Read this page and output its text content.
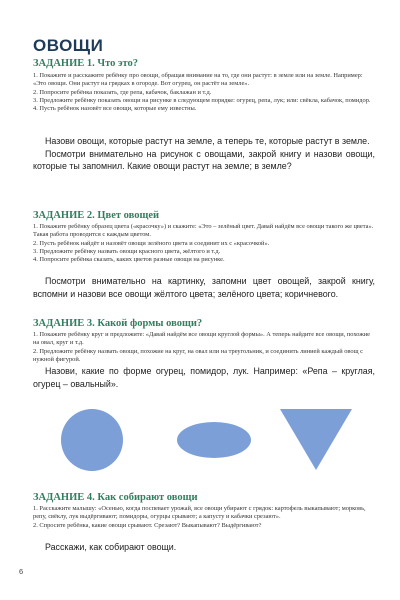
ОВОЩИ
ЗАДАНИЕ 1. Что это?

1. Покажите и расскажите ребёнку про овощи, обращая внимание на то, где они растут: в земле или на земле. Например: «Это овощи. Они растут на грядках в огороде. Вот огурец, он растёт на земле».

2. Попросите ребёнка показать, где репа, кабачок, баклажан и т.д.

3. Предложите ребёнку показать овощи на рисунке в следующем порядке: огурец, репа, лук; или: свёкла, кабачок, помидор.

4. Пусть ребёнок назовёт все овощи, которые ему известны.

Назови овощи, которые растут на земле, а теперь те, которые растут в земле.

Посмотри внимательно на рисунок с овощами, закрой книгу и назови овощи, которые ты запомнил. Какие овощи растут на земле; в земле?

ЗАДАНИЕ 2. Цвет овощей

1. Покажите ребёнку образец цвета («красочку») и скажите: «Это – зелёный цвет. Давай найдём все овощи такого же цвета». Такая работа проводится с каждым цветом.

2. Пусть ребёнок найдёт и назовёт овощи зелёного цвета и соединит их с «красочкой».

3. Предложите ребёнку назвать овощи красного цвета, жёлтого и т.д.

4. Попросите ребёнка сказать, каких цветов разные овощи на рисунке.

Посмотри внимательно на картинку, запомни цвет овощей, закрой книгу, вспомни и назови все овощи жёлтого цвета; зелёного цвета; коричневого.

ЗАДАНИЕ 3. Какой формы овощи?

1. Покажите ребёнку круг и предложите: «Давай найдём все овощи круглой формы». А теперь найдите все овощи, похожие на овал, круг и т.д.

2. Предложите ребёнку назвать овощи, похожие на круг, на овал или на треугольник, и соединить линией каждый овощ с нужной фигурой.

Назови, какие по форме огурец, помидор, лук. Например: «Репа – круглая, огурец – овальный».

ЗАДАНИЕ 4. Как собирают овощи

1. Расскажите малышу: «Осенью, когда поспевает урожай, все овощи убирают с грядок: картофель выкапывают; морковь, репу, свёклу, лук выдёргивают; помидоры, огурцы срывают; а капусту и кабачки срезают».

2. Спросите ребёнка, какие овощи срывают. Срезают? Выкапывают? Выдёргивают?

Расскажи, как собирают овощи.

6
